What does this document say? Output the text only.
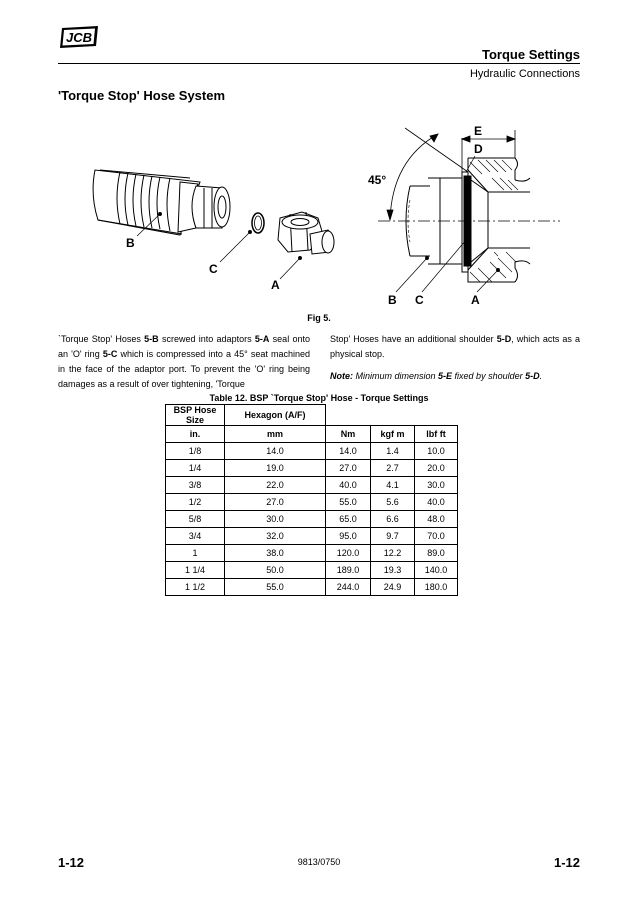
JCB
Torque Settings
Hydraulic Connections
'Torque Stop' Hose System
B
C
A
45°
E
D
B C	A
Fig 5.
`Torque Stop' Hoses 5-B screwed into adaptors 5-A seal onto an 'O' ring 5-C which is compressed into a 45° seat machined in the face of the adaptor port. To prevent the 'O' ring being damages as a result of over tightening, 'Torque
Stop' Hoses have an additional shoulder 5-D, which acts as a physical stop.
Note: Minimum dimension 5-E fixed by shoulder 5-D.
Table 12. BSP `Torque Stop' Hose - Torque Settings
BSP Hose Size	Hexagon (A/F)			
in.	mm	Nm	kgf m	lbf ft
1/8	14.0	14.0	1.4	10.0
1/4	19.0	27.0	2.7	20.0
3/8	22.0	40.0	4.1	30.0
1/2	27.0	55.0	5.6	40.0
5/8	30.0	65.0	6.6	48.0
3/4	32.0	95.0	9.7	70.0
1	38.0	120.0	12.2	89.0
1 1/4	50.0	189.0	19.3	140.0
1 1/2	55.0	244.0	24.9	180.0
1-12	9813/0750	1-12
